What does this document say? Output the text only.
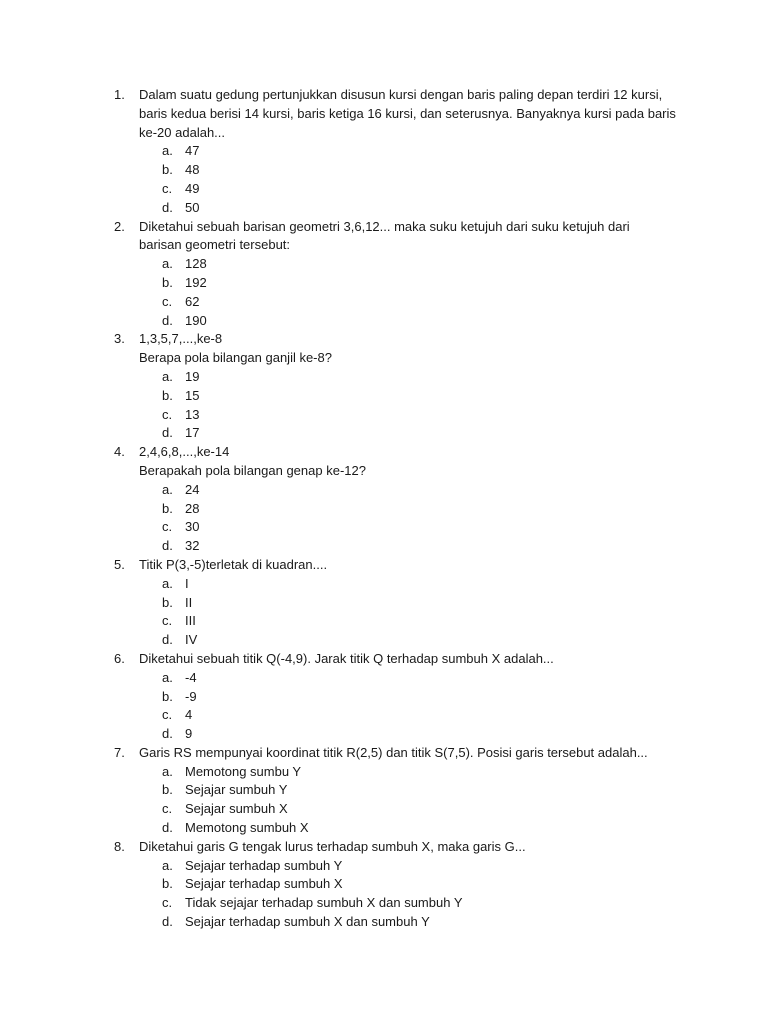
1. Dalam suatu gedung pertunjukkan disusun kursi dengan baris paling depan terdiri 12 kursi,
baris kedua berisi 14 kursi, baris ketiga 16 kursi, dan seterusnya. Banyaknya kursi pada baris
ke-20 adalah...
a. 47
b. 48
c. 49
d. 50
2. Diketahui sebuah barisan geometri 3,6,12... maka suku ketujuh dari suku ketujuh dari
barisan geometri tersebut:
a. 128
b. 192
c. 62
d. 190
3. 1,3,5,7,...,ke-8
Berapa pola bilangan ganjil ke-8?
a. 19
b. 15
c. 13
d. 17
4. 2,4,6,8,...,ke-14
Berapakah pola bilangan genap ke-12?
a. 24
b. 28
c. 30
d. 32
5. Titik P(3,-5)terletak di kuadran....
a. I
b. II
c. III
d. IV
6. Diketahui sebuah titik Q(-4,9). Jarak titik Q terhadap sumbuh X adalah...
a. -4
b. -9
c. 4
d. 9
7. Garis RS mempunyai koordinat titik R(2,5) dan titik S(7,5). Posisi garis tersebut adalah...
a. Memotong sumbu Y
b. Sejajar sumbuh Y
c. Sejajar sumbuh X
d. Memotong sumbuh X
8. Diketahui garis G tengak lurus terhadap sumbuh X, maka garis G...
a. Sejajar terhadap sumbuh Y
b. Sejajar terhadap sumbuh X
c. Tidak sejajar terhadap sumbuh X dan sumbuh Y
d. Sejajar terhadap sumbuh X dan sumbuh Y
